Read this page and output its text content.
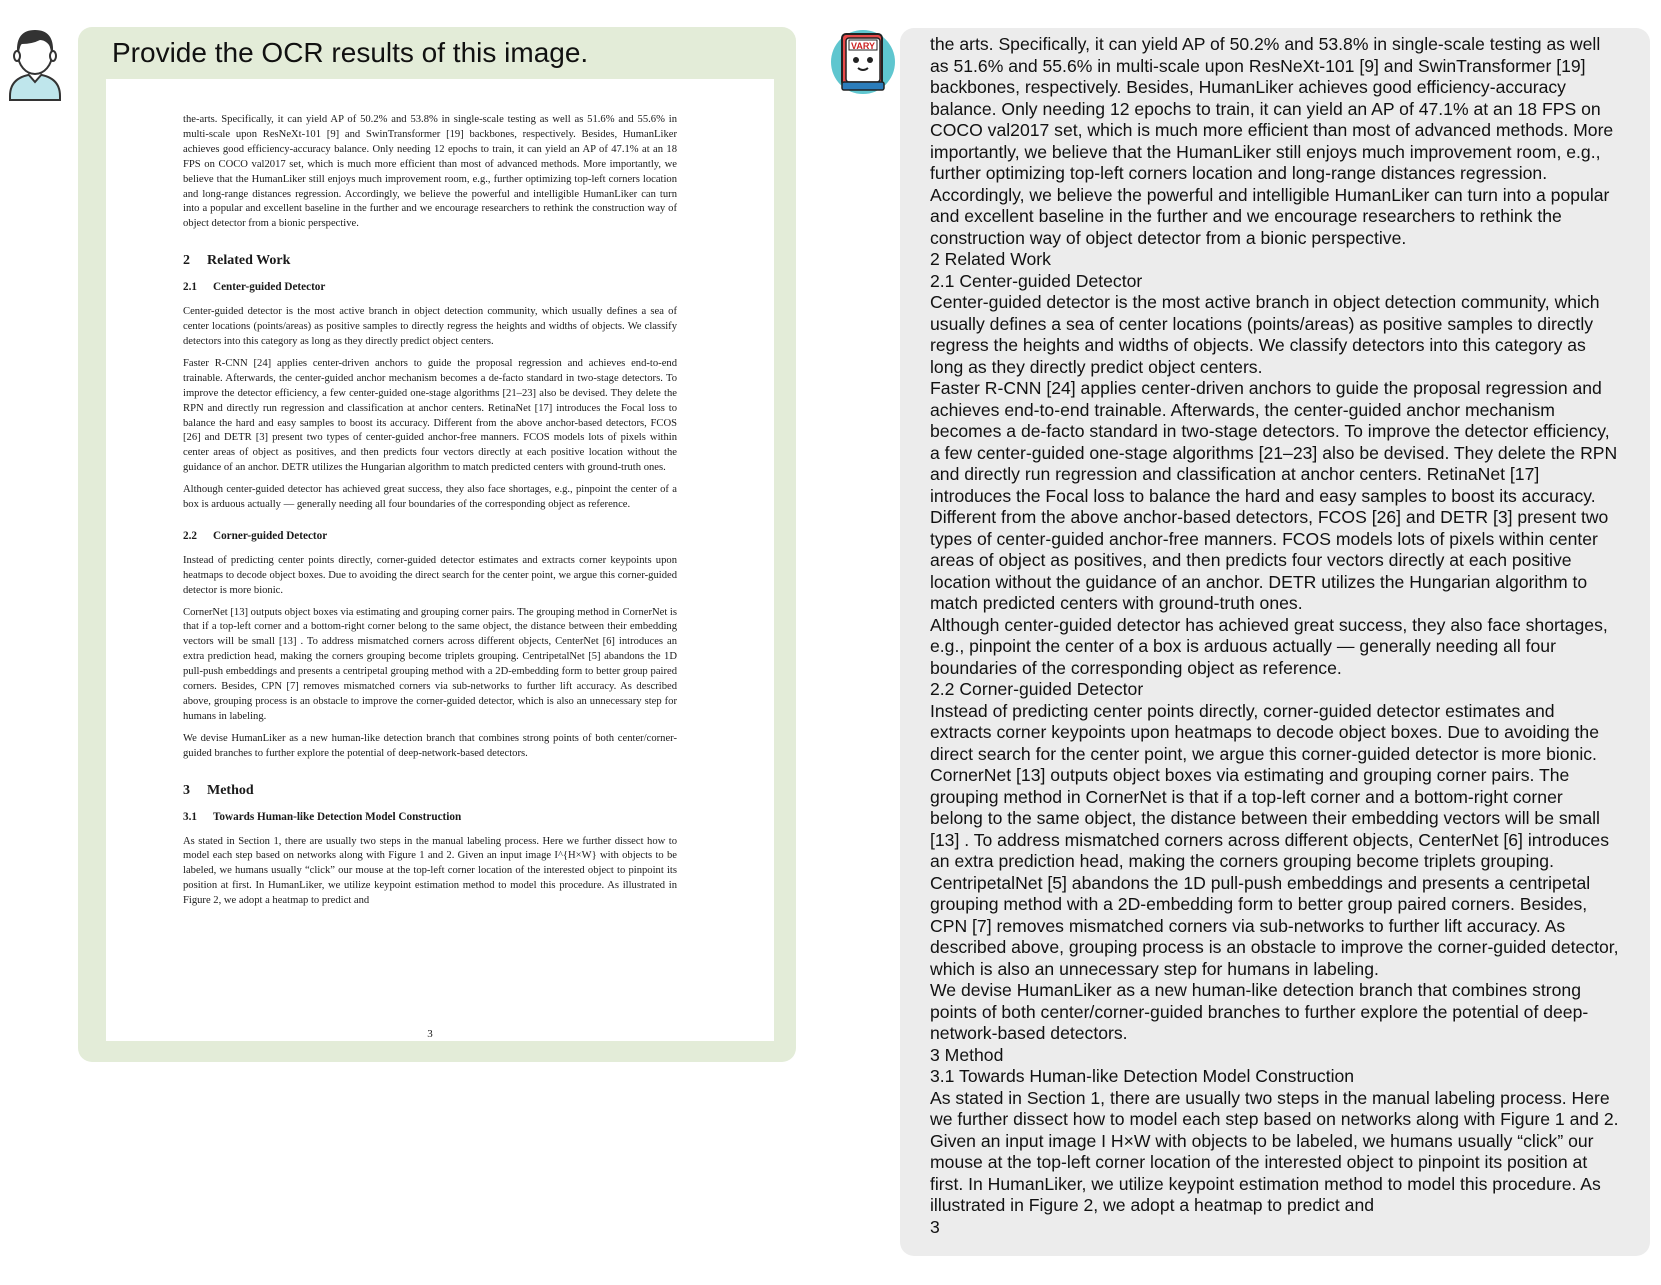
Provide the OCR results of this image.

the-arts. Specifically, it can yield AP of 50.2% and 53.8% in single-scale testing as well as 51.6% and 55.6% in multi-scale upon ResNeXt-101 [9] and SwinTransformer [19] backbones, respectively. Besides, HumanLiker achieves good efficiency-accuracy balance. Only needing 12 epochs to train, it can yield an AP of 47.1% at an 18 FPS on COCO val2017 set, which is much more efficient than most of advanced methods. More importantly, we believe that the HumanLiker still enjoys much improvement room, e.g., further optimizing top-left corners location and long-range distances regression. Accordingly, we believe the powerful and intelligible HumanLiker can turn into a popular and excellent baseline in the further and we encourage researchers to rethink the construction way of object detector from a bionic perspective.

2 Related Work
2.1 Center-guided Detector

Center-guided detector is the most active branch in object detection community, which usually defines a sea of center locations (points/areas) as positive samples to directly regress the heights and widths of objects. We classify detectors into this category as long as they directly predict object centers.

Faster R-CNN [24] applies center-driven anchors to guide the proposal regression and achieves end-to-end trainable. Afterwards, the center-guided anchor mechanism becomes a de-facto standard in two-stage detectors. To improve the detector efficiency, a few center-guided one-stage algorithms [21–23] also be devised. They delete the RPN and directly run regression and classification at anchor centers. RetinaNet [17] introduces the Focal loss to balance the hard and easy samples to boost its accuracy. Different from the above anchor-based detectors, FCOS [26] and DETR [3] present two types of center-guided anchor-free manners. FCOS models lots of pixels within center areas of object as positives, and then predicts four vectors directly at each positive location without the guidance of an anchor. DETR utilizes the Hungarian algorithm to match predicted centers with ground-truth ones.

Although center-guided detector has achieved great success, they also face shortages, e.g., pinpoint the center of a box is arduous actually — generally needing all four boundaries of the corresponding object as reference.

2.2 Corner-guided Detector

Instead of predicting center points directly, corner-guided detector estimates and extracts corner keypoints upon heatmaps to decode object boxes. Due to avoiding the direct search for the center point, we argue this corner-guided detector is more bionic.

CornerNet [13] outputs object boxes via estimating and grouping corner pairs. The grouping method in CornerNet is that if a top-left corner and a bottom-right corner belong to the same object, the distance between their embedding vectors will be small [13] . To address mismatched corners across different objects, CenterNet [6] introduces an extra prediction head, making the corners grouping become triplets grouping. CentripetalNet [5] abandons the 1D pull-push embeddings and presents a centripetal grouping method with a 2D-embedding form to better group paired corners. Besides, CPN [7] removes mismatched corners via sub-networks to further lift accuracy. As described above, grouping process is an obstacle to improve the corner-guided detector, which is also an unnecessary step for humans in labeling.

We devise HumanLiker as a new human-like detection branch that combines strong points of both center/corner-guided branches to further explore the potential of deep-network-based detectors.

3 Method
3.1 Towards Human-like Detection Model Construction

As stated in Section 1, there are usually two steps in the manual labeling process. Here we further dissect how to model each step based on networks along with Figure 1 and 2. Given an input image I^{H×W} with objects to be labeled, we humans usually “click” our mouse at the top-left corner location of the interested object to pinpoint its position at first. In HumanLiker, we utilize keypoint estimation method to model this procedure. As illustrated in Figure 2, we adopt a heatmap to predict and

3
VARY	the arts. Specifically, it can yield AP of 50.2% and 53.8% in single-scale testing as well
as 51.6% and 55.6% in multi-scale upon ResNeXt-101 [9] and SwinTransformer [19]
backbones, respectively. Besides, HumanLiker achieves good efficiency-accuracy
balance. Only needing 12 epochs to train, it can yield an AP of 47.1% at an 18 FPS on
COCO val2017 set, which is much more efficient than most of advanced methods. More
importantly, we believe that the HumanLiker still enjoys much improvement room, e.g.,
further optimizing top-left corners location and long-range distances regression.
Accordingly, we believe the powerful and intelligible HumanLiker can turn into a popular
and excellent baseline in the further and we encourage researchers to rethink the
construction way of object detector from a bionic perspective.
2 Related Work
2.1 Center-guided Detector
Center-guided detector is the most active branch in object detection community, which
usually defines a sea of center locations (points/areas) as positive samples to directly
regress the heights and widths of objects. We classify detectors into this category as
long as they directly predict object centers.
Faster R-CNN [24] applies center-driven anchors to guide the proposal regression and
achieves end-to-end trainable. Afterwards, the center-guided anchor mechanism
becomes a de-facto standard in two-stage detectors. To improve the detector efficiency,
a few center-guided one-stage algorithms [21–23] also be devised. They delete the RPN
and directly run regression and classification at anchor centers. RetinaNet [17]
introduces the Focal loss to balance the hard and easy samples to boost its accuracy.
Different from the above anchor-based detectors, FCOS [26] and DETR [3] present two
types of center-guided anchor-free manners. FCOS models lots of pixels within center
areas of object as positives, and then predicts four vectors directly at each positive
location without the guidance of an anchor. DETR utilizes the Hungarian algorithm to
match predicted centers with ground-truth ones.
Although center-guided detector has achieved great success, they also face shortages,
e.g., pinpoint the center of a box is arduous actually — generally needing all four
boundaries of the corresponding object as reference.
2.2 Corner-guided Detector
Instead of predicting center points directly, corner-guided detector estimates and
extracts corner keypoints upon heatmaps to decode object boxes. Due to avoiding the
direct search for the center point, we argue this corner-guided detector is more bionic.
CornerNet [13] outputs object boxes via estimating and grouping corner pairs. The
grouping method in CornerNet is that if a top-left corner and a bottom-right corner
belong to the same object, the distance between their embedding vectors will be small
[13] . To address mismatched corners across different objects, CenterNet [6] introduces
an extra prediction head, making the corners grouping become triplets grouping.
CentripetalNet [5] abandons the 1D pull-push embeddings and presents a centripetal
grouping method with a 2D-embedding form to better group paired corners. Besides,
CPN [7] removes mismatched corners via sub-networks to further lift accuracy. As
described above, grouping process is an obstacle to improve the corner-guided detector,
which is also an unnecessary step for humans in labeling.
We devise HumanLiker as a new human-like detection branch that combines strong
points of both center/corner-guided branches to further explore the potential of deep-
network-based detectors.
3 Method
3.1 Towards Human-like Detection Model Construction
As stated in Section 1, there are usually two steps in the manual labeling process. Here
we further dissect how to model each step based on networks along with Figure 1 and 2.
Given an input image I H×W with objects to be labeled, we humans usually “click” our
mouse at the top-left corner location of the interested object to pinpoint its position at
first. In HumanLiker, we utilize keypoint estimation method to model this procedure. As
illustrated in Figure 2, we adopt a heatmap to predict and
3
